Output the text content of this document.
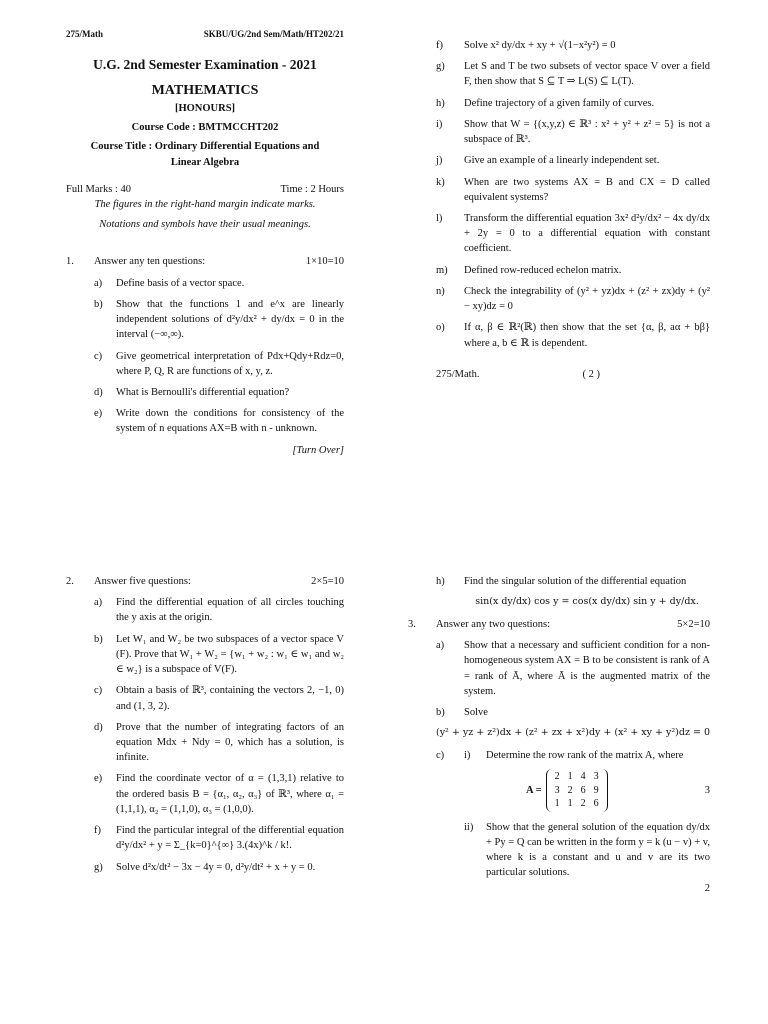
275/Math	SKBU/UG/2nd Sem/Math/HT202/21
U.G. 2nd Semester Examination - 2021
MATHEMATICS
[HONOURS]
Course Code : BMTMCCHT202
Course Title : Ordinary Differential Equations and Linear Algebra
Full Marks : 40	Time : 2 Hours
The figures in the right-hand margin indicate marks.
Notations and symbols have their usual meanings.
1.	Answer any ten questions:	1×10=10
a)	Define basis of a vector space.
b)	Show that the functions 1 and e^x are linearly independent solutions of d²y/dx² + dy/dx = 0 in the interval (−∞,∞).
c)	Give geometrical interpretation of Pdx+Qdy+Rdz=0, where P, Q, R are functions of x, y, z.
d)	What is Bernoulli's differential equation?
e)	Write down the conditions for consistency of the system of n equations AX=B with n - unknown.
[Turn Over]
f)	Solve x² dy/dx + xy + √(1−x²y²) = 0
g)	Let S and T be two subsets of vector space V over a field F, then show that S ⊆ T ⇒ L(S) ⊆ L(T).
h)	Define trajectory of a given family of curves.
i)	Show that W = {(x,y,z) ∈ ℝ³ : x² + y² + z² = 5} is not a subspace of ℝ³.
j)	Give an example of a linearly independent set.
k)	When are two systems AX = B and CX = D called equivalent systems?
l)	Transform the differential equation 3x² d²y/dx² − 4x dy/dx + 2y = 0 to a differential equation with constant coefficient.
m)	Defined row-reduced echelon matrix.
n)	Check the integrability of (y² + yz)dx + (z² + zx)dy + (y² − xy)dz = 0
o)	If α, β ∈ ℝ²(ℝ) then show that the set {α, β, aα + bβ} where a, b ∈ ℝ is dependent.
275/Math.	( 2 )
2.	Answer five questions:	2×5=10
a)	Find the differential equation of all circles touching the y axis at the origin.
b)	Let W₁ and W₂ be two subspaces of a vector space V (F). Prove that W₁ + W₂ = {w₁ + w₂ : w₁ ∈ w₁ and w₂ ∈ w₂} is a subspace of V(F).
c)	Obtain a basis of ℝ³, containing the vectors 2, −1, 0) and (1, 3, 2).
d)	Prove that the number of integrating factors of an equation Mdx + Ndy = 0, which has a solution, is infinite.
e)	Find the coordinate vector of α = (1,3,1) relative to the ordered basis B = {α₁, α₂, α₃} of ℝ³, where α₁ = (1,1,1), α₂ = (1,1,0), α₃ = (1,0,0).
f)	Find the particular integral of the differential equation d²y/dx² + y = Σ_{k=0}^{∞} 3.(4x)^k / k!.
g)	Solve d²x/dt² − 3x − 4y = 0, d²y/dt² + x + y = 0.
h)	Find the singular solution of the differential equation
sin(x dy/dx) cos y = cos(x dy/dx) sin y + dy/dx.
3.	Answer any two questions:	5×2=10
a)	Show that a necessary and sufficient condition for a non-homogeneous system AX = B to be consistent is rank of A = rank of Ā, where Ā is the augmented matrix of the system.
b)	Solve
(y² + yz + z²)dx + (z² + zx + x²)dy + (x² + xy + y²)dz = 0
c)	i)	Determine the row rank of the matrix A, where
A =
2	1	4	3
3	2	6	9
1	1	2	6
3
ii)	Show that the general solution of the equation dy/dx + Py = Q can be written in the form y = k (u − v) + v, where k is a constant and u and v are its two particular solutions.
2
